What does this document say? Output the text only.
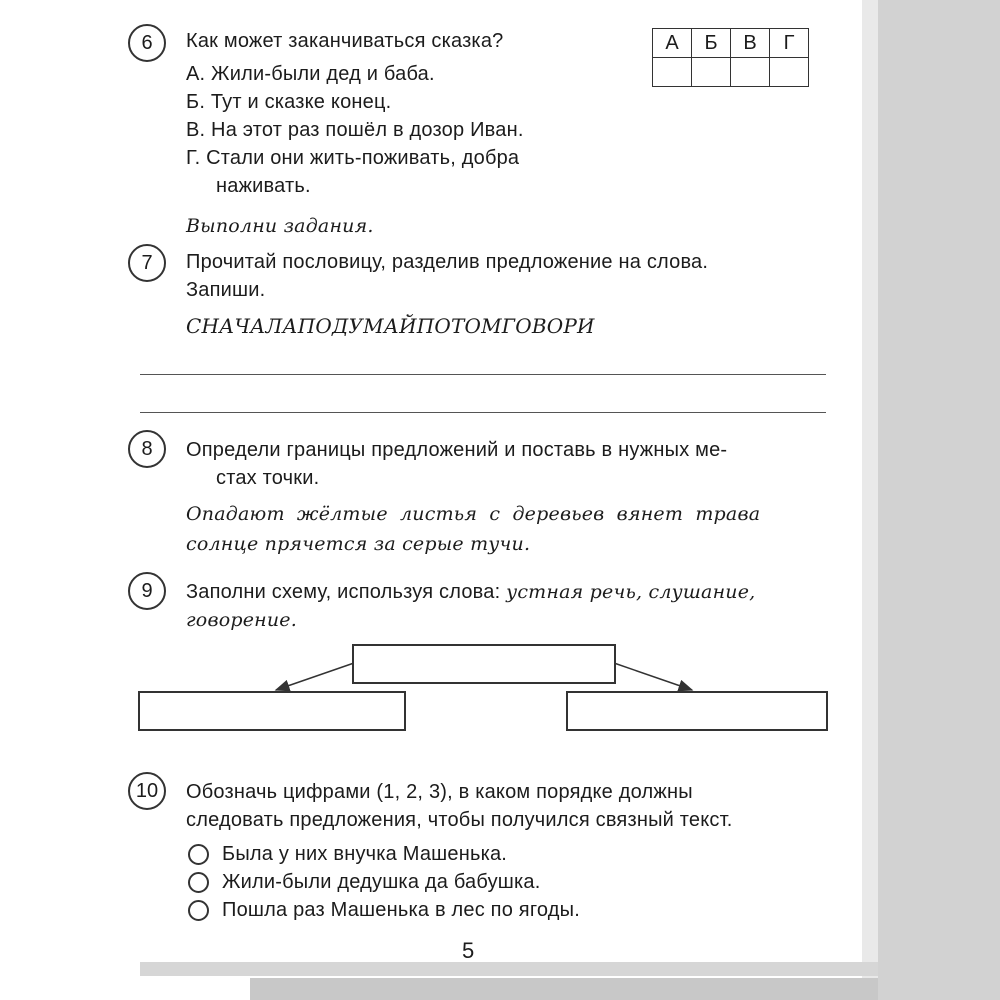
6	Как может заканчиваться сказка?
А. Жили-были дед и баба.
Б. Тут и сказке конец.
В. На этот раз пошёл в дозор Иван.
Г. Стали они жить-поживать, добра
наживать.
А	Б	В	Г

Выполни задания.
7	Прочитай пословицу, разделив предложение на слова.
Запиши.
СНАЧАЛАПОДУМАЙПОТОМГОВОРИ
8	Определи границы предложений и поставь в нужных ме-
стах точки.
Опадают жёлтые листья с деревьев вянет трава
солнце прячется за серые тучи.
9	Заполни схему, используя слова: устная речь, слушание,
говорение.
10	Обозначь цифрами (1, 2, 3), в каком порядке должны
следовать предложения, чтобы получился связный текст.
Была у них внучка Машенька.
Жили-были дедушка да бабушка.
Пошла раз Машенька в лес по ягоды.
5
